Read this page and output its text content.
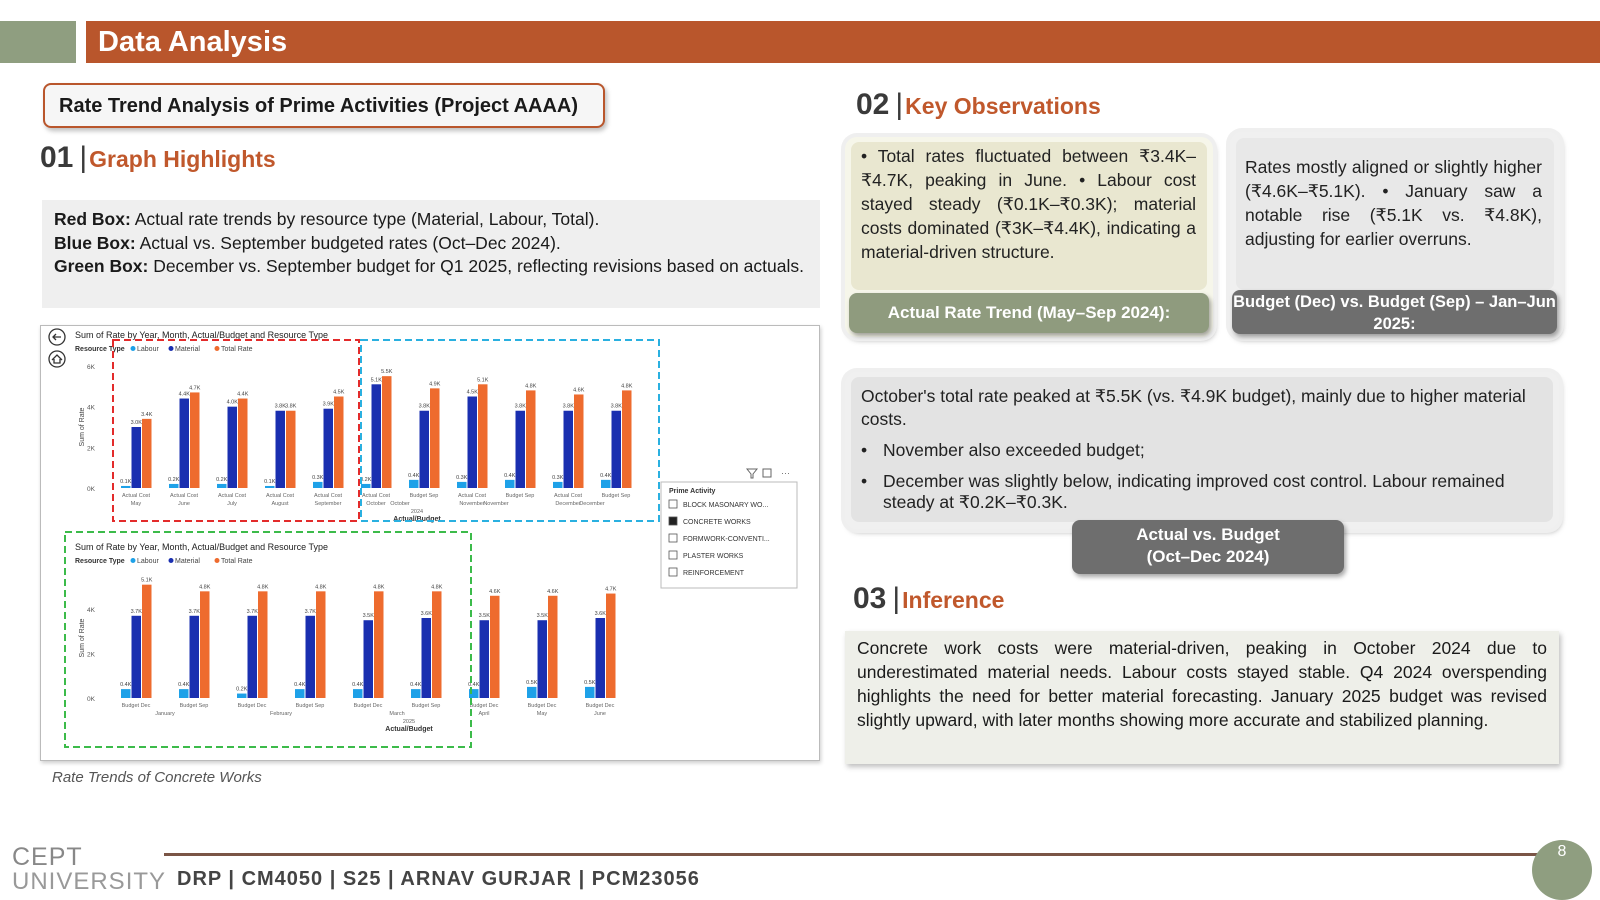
Data Analysis
Rate Trend Analysis of Prime Activities (Project AAAA)
01 |Graph Highlights
Red Box: Actual rate trends by resource type (Material, Labour, Total).
Blue Box: Actual vs. September budgeted rates (Oct–Dec 2024).
Green Box: December vs. September budget for Q1 2025, reflecting revisions based on actuals.
Sum of Rate by Year, Month, Actual/Budget and Resource Type
Resource Type Labour Material	Total Rate
0K
2K
4K
6K
Sum of Rate
0.1K
3.0K
3.4K
Actual Cost
May
0.2K
4.4K
4.7K
Actual Cost
June
0.2K
4.0K
4.4K
Actual Cost
July
0.1K
3.8K 3.8K
Actual Cost
August
0.3K
3.9K
4.5K
Actual Cost
September
0.2K
5.1K
5.5K
Actual Cost
October
0.4K
3.8K
4.9K
Budget Sep
0.3K
4.5K
5.1K
Actual Cost
November
0.4K
3.8K
4.8K
Budget Sep
0.3K
3.8K
4.6K
Actual Cost
December
0.4K
3.8K
4.8K
Budget Sep
October	November	December
2024
Actual/Budget
Sum of Rate by Year, Month, Actual/Budget and Resource Type
Resource Type Labour Material	Total Rate
0K
2K
4K
Sum of Rate
0.4K
3.7K
5.1K
Budget Dec
0.4K
3.7K
4.8K
Budget Sep
0.2K
3.7K
4.8K
Budget Dec
0.4K
3.7K
4.8K
Budget Sep
0.4K
3.5K
4.8K
Budget Dec
0.4K
3.6K
4.8K
Budget Sep
0.4K
3.5K
4.6K
Budget Dec
April
0.5K
3.5K
4.6K
Budget Dec
May
0.5K
3.6K
4.7K
Budget Dec
June
January	February	March
2025
Actual/Budget
···
Prime Activity
BLOCK MASONARY WO...
CONCRETE WORKS
FORMWORK-CONVENTI...
PLASTER WORKS
REINFORCEMENT
Rate Trends of Concrete Works
02 |Key Observations
• Total rates fluctuated between ₹3.4K–₹4.7K, peaking in June. • Labour cost stayed steady (₹0.1K–₹0.3K); material costs dominated (₹3K–₹4.4K), indicating a material-driven structure.
Actual Rate Trend (May–Sep 2024):
Rates mostly aligned or slightly higher (₹4.6K–₹5.1K). • January saw a notable rise (₹5.1K vs. ₹4.8K), adjusting for earlier overruns.
Budget (Dec) vs. Budget (Sep) – Jan–Jun 2025:
October's total rate peaked at ₹5.5K (vs. ₹4.9K budget), mainly due to higher material costs.
• November also exceeded budget;
• December was slightly below, indicating improved cost control. Labour remained steady at ₹0.2K–₹0.3K.
Actual vs. Budget
(Oct–Dec 2024)
03 |Inference
Concrete work costs were material-driven, peaking in October 2024 due to underestimated material needs. Labour costs stayed stable. Q4 2024 overspending highlights the need for better material forecasting. January 2025 budget was revised slightly upward, with later months showing more accurate and stabilized planning.
CEPT
UNIVERSITY DRP | CM4050 | S25 | ARNAV GURJAR | PCM23056
8
